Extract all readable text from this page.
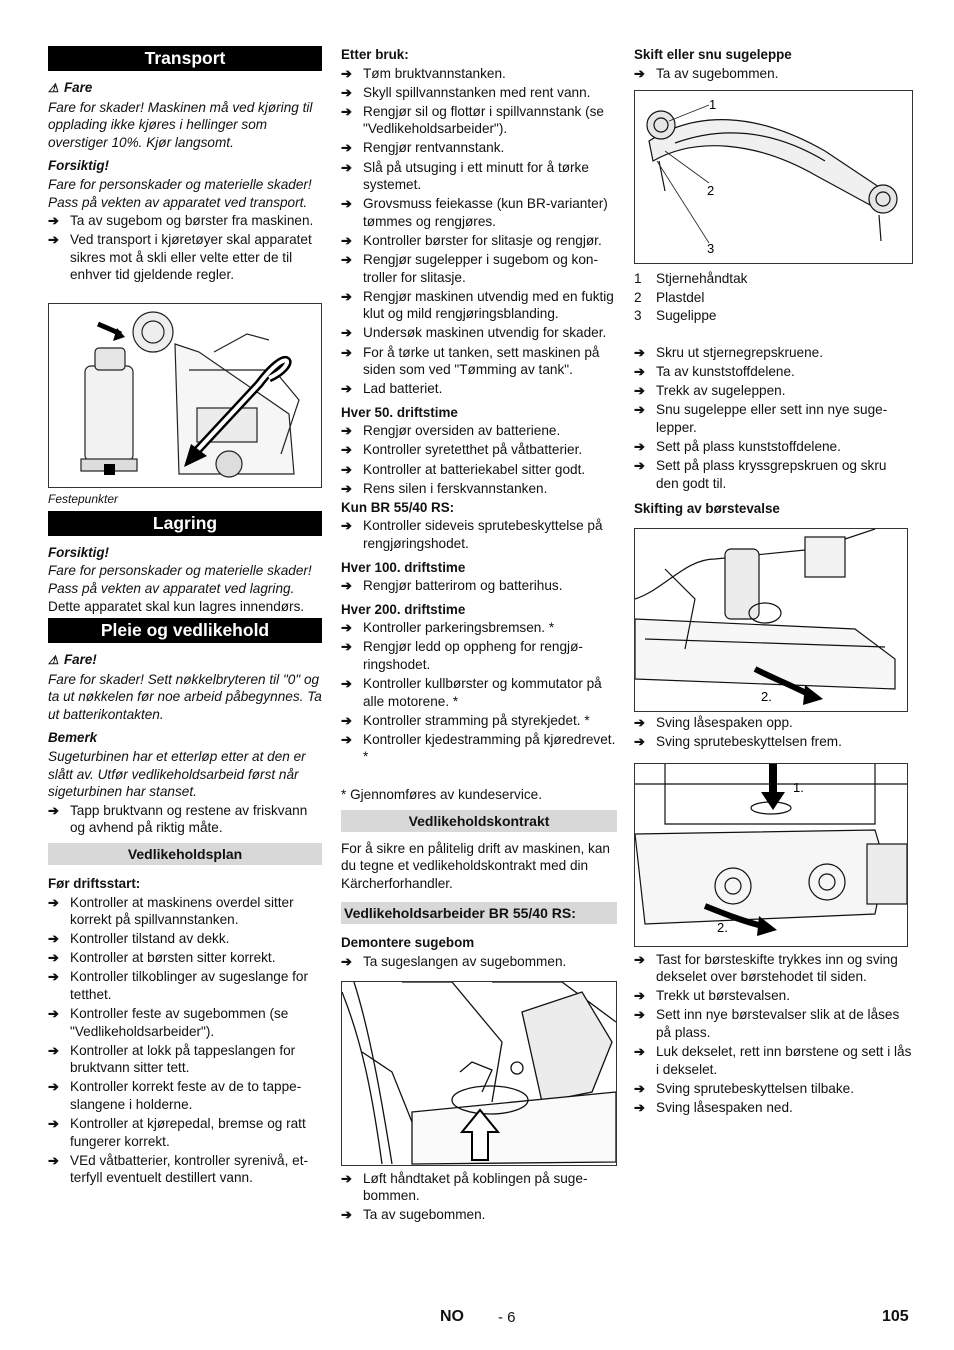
Transport

⚠ Fare

Fare for skader! Maskinen må ved kjøring til opplading ikke kjøres i hellinger som overstiger 10%. Kjør langsomt.

Forsiktig!

Fare for personskader og materielle skader! Pass på vekten av apparatet ved transport.

➔ Ta av sugebom og børster fra maskinen.
➔ Ved transport i kjøretøyer skal apparatet sikres mot å skli eller velte etter de til enhver tid gjeldende regler.

Festepunkter

Lagring

Forsiktig!

Fare for personskader og materielle skader! Pass på vekten av apparatet ved lagring.

Dette apparatet skal kun lagres innendørs.

Pleie og vedlikehold

⚠ Fare!

Fare for skader! Sett nøkkelbryteren til "0" og ta ut nøkkelen før noe arbeid påbegynnes. Ta ut batterikontakten.

Bemerk

Sugeturbinen har et etterløp etter at den er slått av. Utfør vedlikeholdsarbeid først når sigeturbinen har stanset.

➔ Tapp bruktvann og restene av friskvann og avhend på riktig måte.
Vedlikeholdsplan

Før driftsstart:

➔ Kontroller at maskinens overdel sitter korrekt på spillvannstanken.
➔ Kontroller tilstand av dekk.
➔ Kontroller at børsten sitter korrekt.
➔ Kontroller tilkoblinger av sugeslange for tetthet.
➔ Kontroller feste av sugebommen (se "Vedlikeholdsarbeider").
➔ Kontroller at lokk på tappeslangen for bruktvann sitter tett.
➔ Kontroller korrekt feste av de to tappeslangene i holderne.
➔ Kontroller at kjørepedal, bremse og ratt fungerer korrekt.
➔ VEd våtbatterier, kontroller syrenivå, etterfyll eventuelt destillert vann.

Etter bruk:

➔ Tøm bruktvannstanken.
➔ Skyll spillvannstanken med rent vann.
➔ Rengjør sil og flottør i spillvannstank (se "Vedlikeholdsarbeider").
➔ Rengjør rentvannstank.
➔ Slå på utsuging i ett minutt for å tørke systemet.
➔ Grovsmuss feiekasse (kun BR-varianter) tømmes og rengjøres.
➔ Kontroller børster for slitasje og rengjør.
➔ Rengjør sugelepper i sugebom og kontroller for slitasje.
➔ Rengjør maskinen utvendig med en fuktig klut og mild rengjøringsblanding.
➔ Undersøk maskinen utvendig for skader.
➔ For å tørke ut tanken, sett maskinen på siden som ved "Tømming av tank".
➔ Lad batteriet.

Hver 50. driftstime

➔ Rengjør oversiden av batteriene.
➔ Kontroller syretetthet på våtbatterier.
➔ Kontroller at batteriekabel sitter godt.
➔ Rens silen i ferskvannstanken.

Kun BR 55/40 RS:

➔ Kontroller sideveis sprutebeskyttelse på rengjøringshodet.

Hver 100. driftstime

➔ Rengjør batterirom og batterihus.

Hver 200. driftstime

➔ Kontroller parkeringsbremsen. *
➔ Rengjør ledd op oppheng for rengjøringshodet.
➔ Kontroller kullbørster og kommutator på alle motorene. *
➔ Kontroller stramming på styrekjedet. *
➔ Kontroller kjedestramming på kjøredrevet. *

* Gjennomføres av kundeservice.

Vedlikeholdskontrakt

For å sikre en pålitelig drift av maskinen, kan du tegne et vedlikeholdskontrakt med din Kärcherforhandler.

Vedlikeholdsarbeider BR 55/40 RS:

Demontere sugebom

➔ Ta sugeslangen av sugebommen.
➔ Løft håndtaket på koblingen på sugebommen.
➔ Ta av sugebommen.

Skift eller snu sugeleppe

➔ Ta av sugebommen.
1
2
3
1	Stjernehåndtak
2	Plastdel
3	Sugelippe
➔ Skru ut stjernegrepskruene.
➔ Ta av kunststoffdelene.
➔ Trekk av sugeleppen.
➔ Snu sugeleppe eller sett inn nye sugelepper.
➔ Sett på plass kunststoffdelene.
➔ Sett på plass kryssgrepskruen og skru den godt til.

Skifting av børstevalse

2.
➔ Sving låsespaken opp.
➔ Sving sprutebeskyttelsen frem.
1.
2.
➔ Tast for børsteskifte trykkes inn og sving dekselet over børstehodet til siden.
➔ Trekk ut børstevalsen.
➔ Sett inn nye børstevalser slik at de låses på plass.
➔ Luk dekselet, rett inn børstene og sett i lås i dekselet.
➔ Sving sprutebeskyttelsen tilbake.
➔ Sving låsespaken ned.
NO - 6	105
